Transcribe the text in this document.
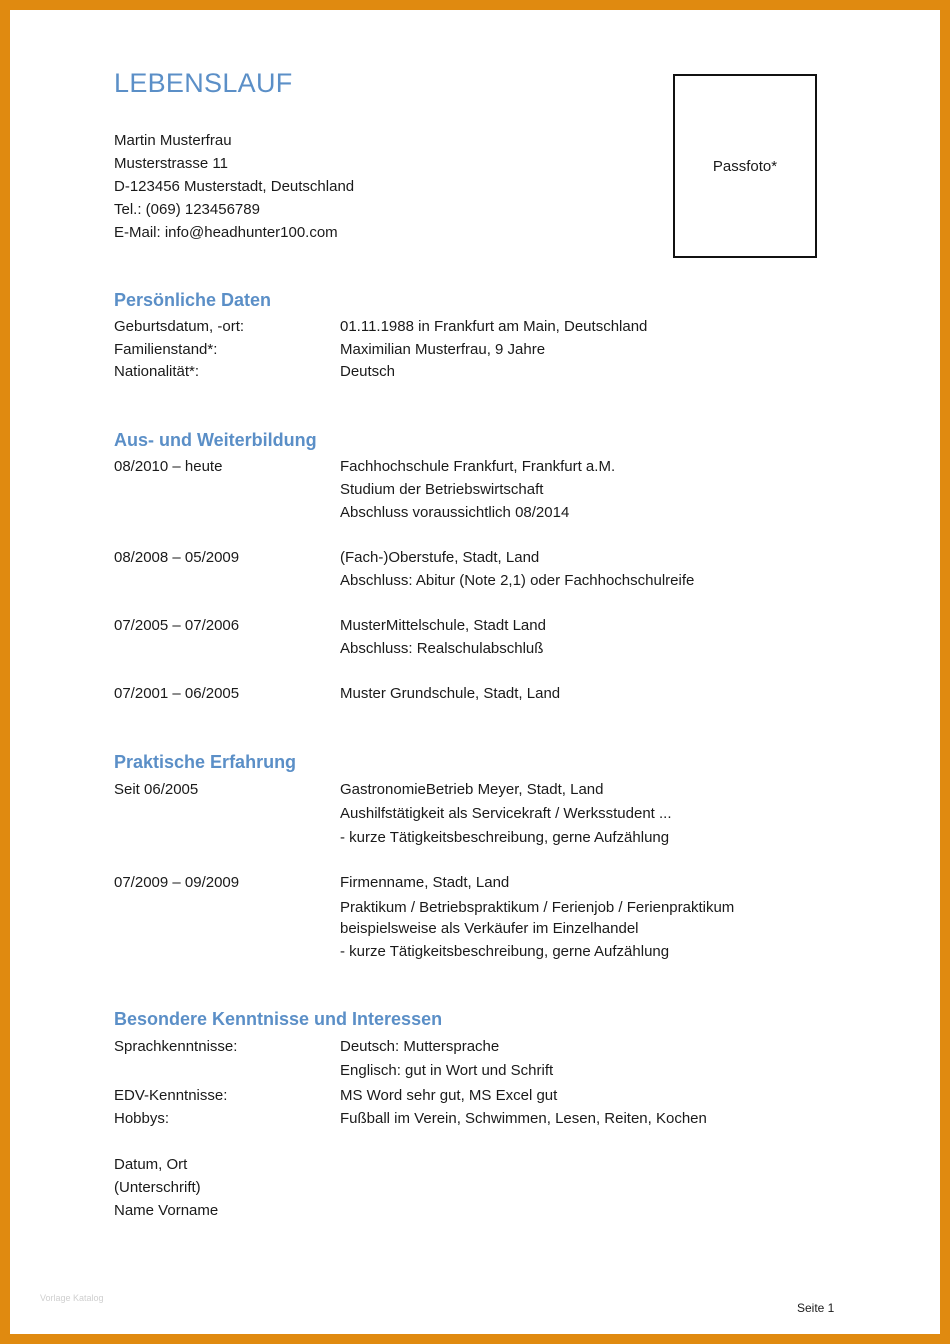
LEBENSLAUF
Martin Musterfrau
Musterstrasse 11
D-123456 Musterstadt, Deutschland
Tel.: (069) 123456789
E-Mail: info@headhunter100.com
Passfoto*
Persönliche Daten
Geburtsdatum, -ort:	01.11.1988 in Frankfurt am Main, Deutschland
Familienstand*:	Maximilian Musterfrau, 9 Jahre
Nationalität*:	Deutsch
Aus- und Weiterbildung
08/2010 – heute	Fachhochschule Frankfurt, Frankfurt a.M.
Studium der Betriebswirtschaft
Abschluss voraussichtlich 08/2014
08/2008 – 05/2009	(Fach-)Oberstufe, Stadt, Land
Abschluss: Abitur (Note 2,1) oder Fachhochschulreife
07/2005 – 07/2006	MusterMittelschule, Stadt Land
Abschluss: Realschulabschluß
07/2001 – 06/2005	Muster Grundschule, Stadt, Land
Praktische Erfahrung
Seit 06/2005	GastronomieBetrieb Meyer, Stadt, Land
Aushilfstätigkeit als Servicekraft / Werksstudent ...
- kurze Tätigkeitsbeschreibung, gerne Aufzählung
07/2009 – 09/2009	Firmenname, Stadt, Land
Praktikum / Betriebspraktikum / Ferienjob / Ferienpraktikum
beispielsweise als Verkäufer im Einzelhandel
- kurze Tätigkeitsbeschreibung, gerne Aufzählung
Besondere Kenntnisse und Interessen
Sprachkenntnisse:	Deutsch: Muttersprache
Englisch: gut in Wort und Schrift
EDV-Kenntnisse:	MS Word sehr gut, MS Excel gut
Hobbys:	Fußball im Verein, Schwimmen, Lesen, Reiten, Kochen
Datum, Ort
(Unterschrift)
Name Vorname
Vorlage Katalog
Seite 1
